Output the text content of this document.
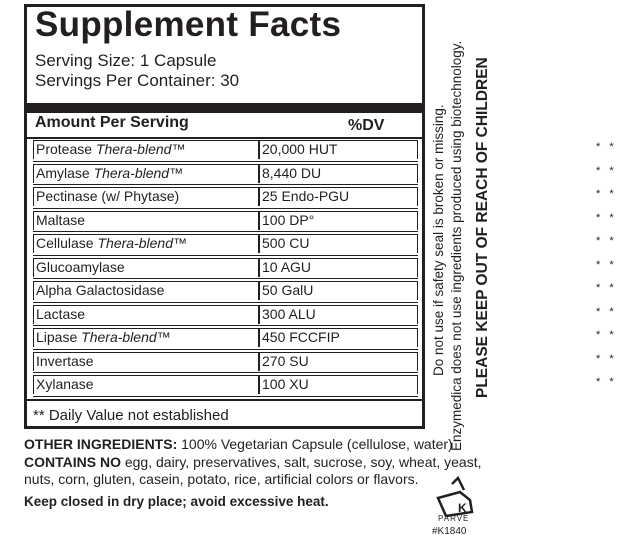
Supplement Facts
Serving Size: 1 Capsule
Servings Per Container: 30
Amount Per Serving	%DV
Protease Thera-blend™	20,000 HUT	* *
Amylase Thera-blend™	8,440 DU	* *
Pectinase (w/ Phytase)	25 Endo-PGU	* *
Maltase	100 DP°	* *
Cellulase Thera-blend™	500 CU	* *
Glucoamylase	10 AGU	* *
Alpha Galactosidase	50 GalU	* *
Lactase	300 ALU	* *
Lipase Thera-blend™	450 FCCFIP	* *
Invertase	270 SU	* *
Xylanase	100 XU	* *
** Daily Value not established
OTHER INGREDIENTS: 100% Vegetarian Capsule (cellulose, water)
CONTAINS NO egg, dairy, preservatives, salt, sucrose, soy, wheat, yeast,
nuts, corn, gluten, casein, potato, rice, artificial colors or flavors.
Keep closed in dry place; avoid excessive heat.
Do not use if safety seal is broken or missing. Enzymedica does not use ingredients produced using biotechnology. PLEASE KEEP OUT OF REACH OF CHILDREN
K
PARVE
#K1840
